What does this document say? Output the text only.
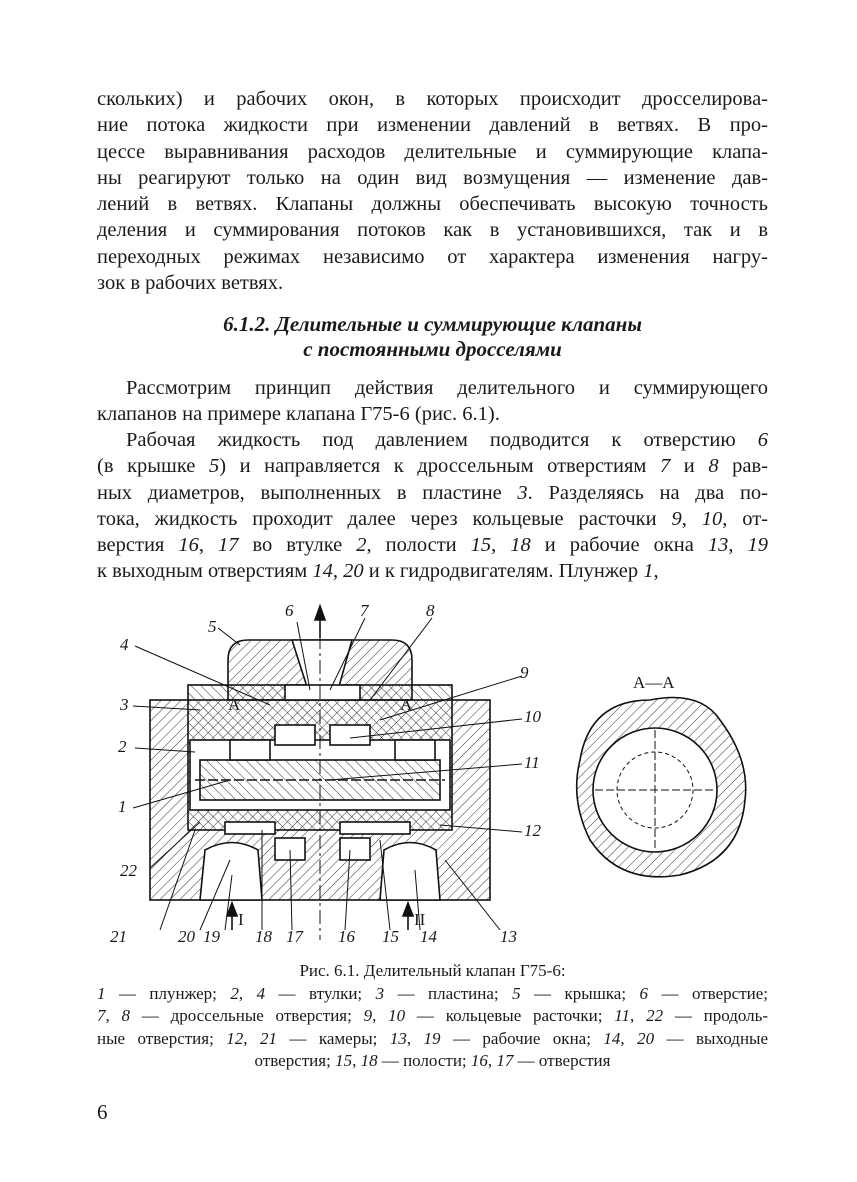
скольких) и рабочих окон, в которых происходит дросселирова-
ние потока жидкости при изменении давлений в ветвях. В про-
цессе выравнивания расходов делительные и суммирующие клапа-
ны реагируют только на один вид возмущения — изменение дав-
лений в ветвях. Клапаны должны обеспечивать высокую точность
деления и суммирования потоков как в установившихся, так и в
переходных режимах независимо от характера изменения нагру-
зок в рабочих ветвях.
6.1.2. Делительные и суммирующие клапаны
с постоянными дросселями
Рассмотрим принцип действия делительного и суммирующего
клапанов на примере клапана Г75-6 (рис. 6.1).
Рабочая жидкость под давлением подводится к отверстию 6
(в крышке 5) и направляется к дроссельным отверстиям 7 и 8 рав-
ных диаметров, выполненных в пластине 3. Разделяясь на два по-
тока, жидкость проходит далее через кольцевые расточки 9, 10, от-
верстия 16, 17 во втулке 2, полости 15, 18 и рабочие окна 13, 19
к выходным отверстиям 14, 20 и к гидродвигателям. Плунжер 1,
1
2
3
4
5
6	7	8
9
10
11
12
13
14
15
16
17
18
19
20
21
22
I	II
А	А
А—А
Рис. 6.1. Делительный клапан Г75-6:
1 — плунжер; 2, 4 — втулки; 3 — пластина; 5 — крышка; 6 — отверстие;
7, 8 — дроссельные отверстия; 9, 10 — кольцевые расточки; 11, 22 — продоль-
ные отверстия; 12, 21 — камеры; 13, 19 — рабочие окна; 14, 20 — выходные
отверстия; 15, 18 — полости; 16, 17 — отверстия
6
